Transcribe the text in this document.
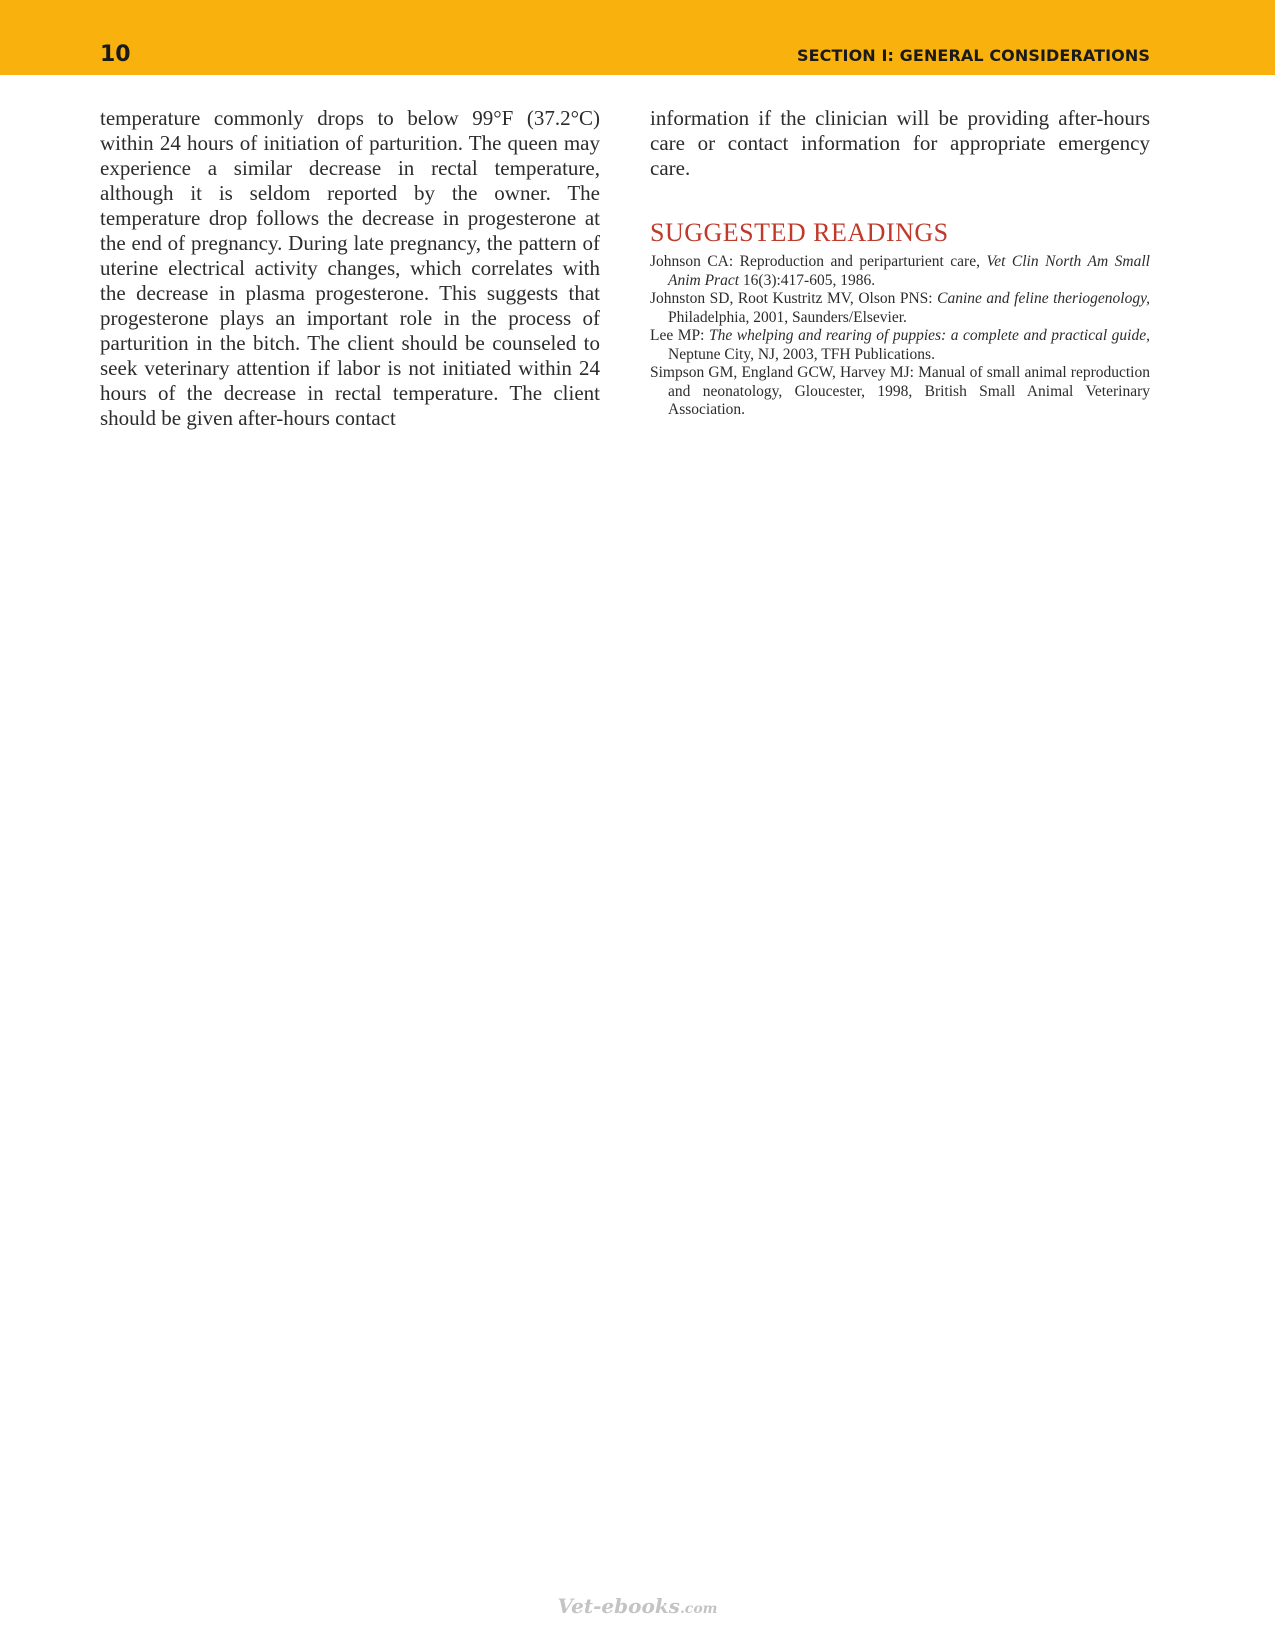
10	SECTION I: GENERAL CONSIDERATIONS

temperature commonly drops to below 99°F (37.2°C) within 24 hours of initiation of parturition. The queen may experience a similar decrease in rectal temperature, although it is seldom reported by the owner. The temperature drop follows the decrease in progesterone at the end of pregnancy. During late pregnancy, the pattern of uterine electrical activity changes, which correlates with the decrease in plasma progesterone. This suggests that progesterone plays an important role in the process of parturition in the bitch. The client should be counseled to seek veterinary attention if labor is not initiated within 24 hours of the decrease in rectal temperature. The client should be given after-hours contact

information if the clinician will be providing after-hours care or contact information for appropriate emergency care.

SUGGESTED READINGS
Johnson CA: Reproduction and periparturient care, Vet Clin North Am Small Anim Pract 16(3):417-605, 1986.
Johnston SD, Root Kustritz MV, Olson PNS: Canine and feline theriogenology, Philadelphia, 2001, Saunders/Elsevier.
Lee MP: The whelping and rearing of puppies: a complete and practical guide, Neptune City, NJ, 2003, TFH Publications.
Simpson GM, England GCW, Harvey MJ: Manual of small animal reproduction and neonatology, Gloucester, 1998, British Small Animal Veterinary Association.
Vet-ebooks.com
